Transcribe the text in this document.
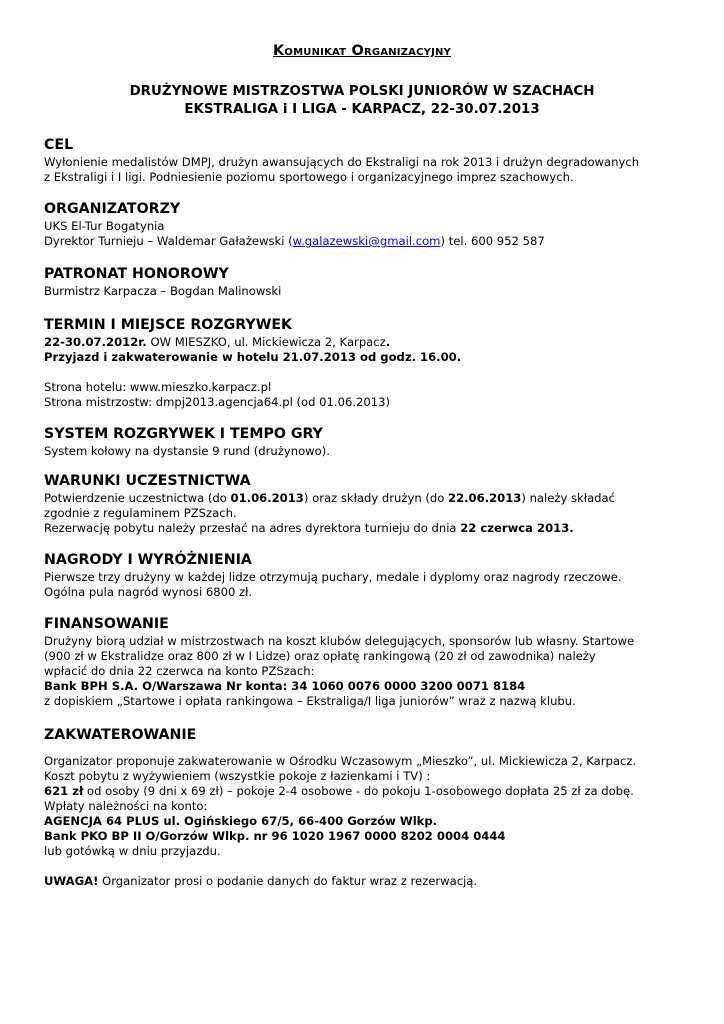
Komunikat Organizacyjny
DRUŻYNOWE MISTRZOSTWA POLSKI JUNIORÓW W SZACHACH
EKSTRALIGA i I LIGA - KARPACZ, 22-30.07.2013
CEL

Wyłonienie medalistów DMPJ, drużyn awansujących do Ekstraligi na rok 2013 i drużyn degradowanych

z Ekstraligi i I ligi. Podniesienie poziomu sportowego i organizacyjnego imprez szachowych.

ORGANIZATORZY

UKS El-Tur Bogatynia

Dyrektor Turnieju – Waldemar Gałażewski (w.galazewski@gmail.com) tel. 600 952 587

PATRONAT HONOROWY

Burmistrz Karpacza – Bogdan Malinowski

TERMIN I MIEJSCE ROZGRYWEK

22-30.07.2012r. OW MIESZKO, ul. Mickiewicza 2, Karpacz.

Przyjazd i zakwaterowanie w hotelu 21.07.2013 od godz. 16.00.

Strona hotelu: www.mieszko.karpacz.pl

Strona mistrzostw: dmpj2013.agencja64.pl (od 01.06.2013)

SYSTEM ROZGRYWEK I TEMPO GRY

System kołowy na dystansie 9 rund (drużynowo).

WARUNKI UCZESTNICTWA

Potwierdzenie uczestnictwa (do 01.06.2013) oraz składy drużyn (do 22.06.2013) należy składać

zgodnie z regulaminem PZSzach.

Rezerwację pobytu należy przesłać na adres dyrektora turnieju do dnia 22 czerwca 2013.

NAGRODY I WYRÓŻNIENIA

Pierwsze trzy drużyny w każdej lidze otrzymują puchary, medale i dyplomy oraz nagrody rzeczowe.

Ogólna pula nagród wynosi 6800 zł.

FINANSOWANIE

Drużyny biorą udział w mistrzostwach na koszt klubów delegujących, sponsorów lub własny. Startowe

(900 zł w Ekstralidze oraz 800 zł w I Lidze) oraz opłatę rankingową (20 zł od zawodnika) należy

wpłacić do dnia 22 czerwca na konto PZSzach:

Bank BPH S.A. O/Warszawa Nr konta: 34 1060 0076 0000 3200 0071 8184

z dopiskiem „Startowe i opłata rankingowa – Ekstraliga/I liga juniorów” wraz z nazwą klubu.

ZAKWATEROWANIE

Organizator proponuje zakwaterowanie w Ośrodku Wczasowym „Mieszko”, ul. Mickiewicza 2, Karpacz.

Koszt pobytu z wyżywieniem (wszystkie pokoje z łazienkami i TV) :

621 zł od osoby (9 dni x 69 zł) – pokoje 2-4 osobowe - do pokoju 1-osobowego dopłata 25 zł za dobę.

Wpłaty należności na konto:

AGENCJA 64 PLUS ul. Ogińskiego 67/5, 66-400 Gorzów Wlkp.

Bank PKO BP II O/Gorzów Wlkp. nr 96 1020 1967 0000 8202 0004 0444

lub gotówką w dniu przyjazdu.

UWAGA! Organizator prosi o podanie danych do faktur wraz z rezerwacją.
